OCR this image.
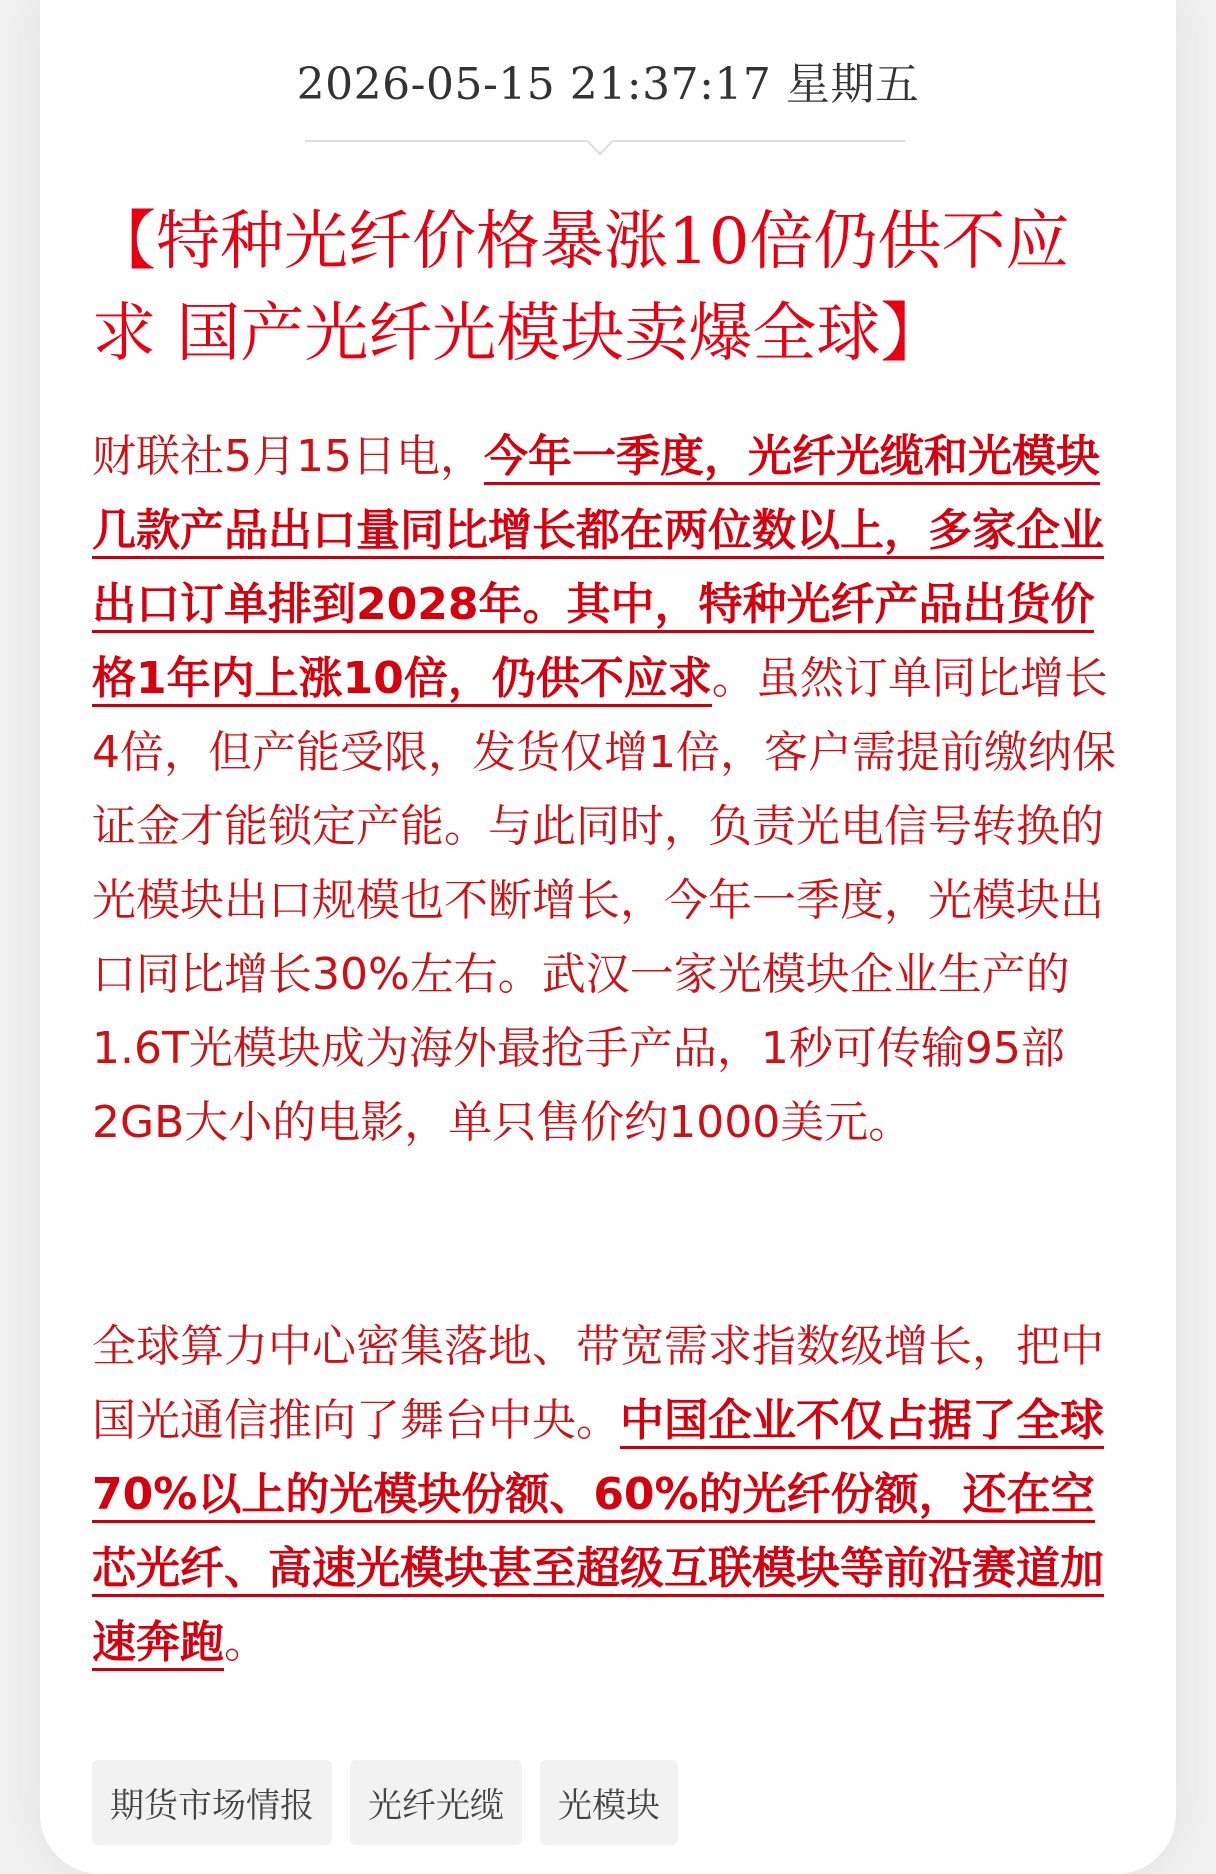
2026-05-15 21:37:17 星期五
【特种光纤价格暴涨10倍仍供不应求 国产光纤光模块卖爆全球】

财联社5月15日电，今年一季度，光纤光缆和光模块几款产品出口量同比增长都在两位数以上，多家企业出口订单排到2028年。其中，特种光纤产品出货价格1年内上涨10倍，仍供不应求。虽然订单同比增长4倍，但产能受限，发货仅增1倍，客户需提前缴纳保证金才能锁定产能。与此同时，负责光电信号转换的光模块出口规模也不断增长，今年一季度，光模块出口同比增长30%左右。武汉一家光模块企业生产的1.6T光模块成为海外最抢手产品，1秒可传输95部2GB大小的电影，单只售价约1000美元。

全球算力中心密集落地、带宽需求指数级增长，把中国光通信推向了舞台中央。中国企业不仅占据了全球70%以上的光模块份额、60%的光纤份额，还在空芯光纤、高速光模块甚至超级互联模块等前沿赛道加速奔跑。

期货市场情报	光纤光缆	光模块
